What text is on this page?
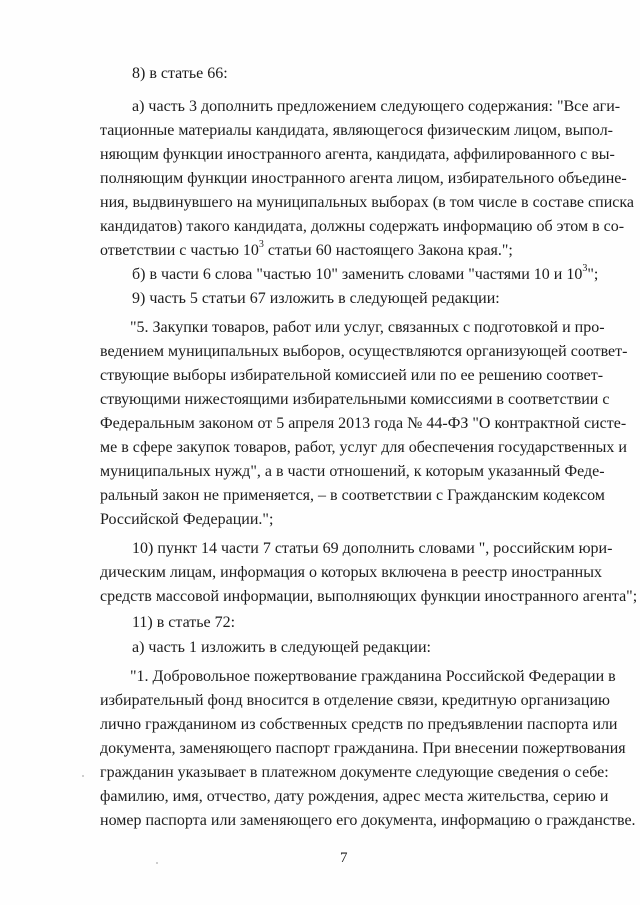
8) в статье 66:
а) часть 3 дополнить предложением следующего содержания: "Все аги-
тационные материалы кандидата, являющегося физическим лицом, выпол-
няющим функции иностранного агента, кандидата, аффилированного с вы-
полняющим функции иностранного агента лицом, избирательного объедине-
ния, выдвинувшего на муниципальных выборах (в том числе в составе списка
кандидатов) такого кандидата, должны содержать информацию об этом в со-
ответствии с частью $10^3$ статьи 60 настоящего Закона края.";
б) в части 6 слова "частью 10" заменить словами "частями 10 и $10^3$";
9) часть 5 статьи 67 изложить в следующей редакции:
"5. Закупки товаров, работ или услуг, связанных с подготовкой и про-
ведением муниципальных выборов, осуществляются организующей соответ-
ствующие выборы избирательной комиссией или по ее решению соответ-
ствующими нижестоящими избирательными комиссиями в соответствии с
Федеральным законом от 5 апреля 2013 года № 44-ФЗ "О контрактной систе-
ме в сфере закупок товаров, работ, услуг для обеспечения государственных и
муниципальных нужд", а в части отношений, к которым указанный Феде-
ральный закон не применяется, – в соответствии с Гражданским кодексом
Российской Федерации.";
10) пункт 14 части 7 статьи 69 дополнить словами ", российским юри-
дическим лицам, информация о которых включена в реестр иностранных
средств массовой информации, выполняющих функции иностранного агента";
11) в статье 72:
а) часть 1 изложить в следующей редакции:
"1. Добровольное пожертвование гражданина Российской Федерации в
избирательный фонд вносится в отделение связи, кредитную организацию
лично гражданином из собственных средств по предъявлении паспорта или
документа, заменяющего паспорт гражданина. При внесении пожертвования
гражданин указывает в платежном документе следующие сведения о себе:
фамилию, имя, отчество, дату рождения, адрес места жительства, серию и
номер паспорта или заменяющего его документа, информацию о гражданстве.
7
